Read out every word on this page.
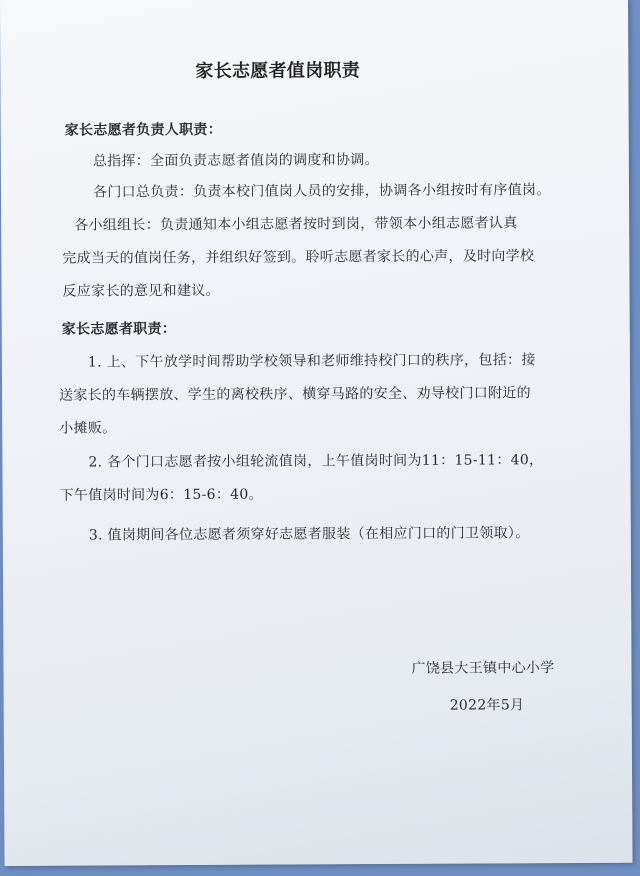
家长志愿者值岗职责
家长志愿者负责人职责：
总指挥：全面负责志愿者值岗的调度和协调。
各门口总负责：负责本校门值岗人员的安排，协调各小组按时有序值岗。
各小组组长：负责通知本小组志愿者按时到岗，带领本小组志愿者认真
完成当天的值岗任务，并组织好签到。聆听志愿者家长的心声，及时向学校
反应家长的意见和建议。
家长志愿者职责：
1. 上、下午放学时间帮助学校领导和老师维持校门口的秩序，包括：接
送家长的车辆摆放、学生的离校秩序、横穿马路的安全、劝导校门口附近的
小摊贩。
2. 各个门口志愿者按小组轮流值岗，上午值岗时间为11：15-11：40，
下午值岗时间为6：15-6：40。
3. 值岗期间各位志愿者须穿好志愿者服装（在相应门口的门卫领取）。
广饶县大王镇中心小学
2022年5月
